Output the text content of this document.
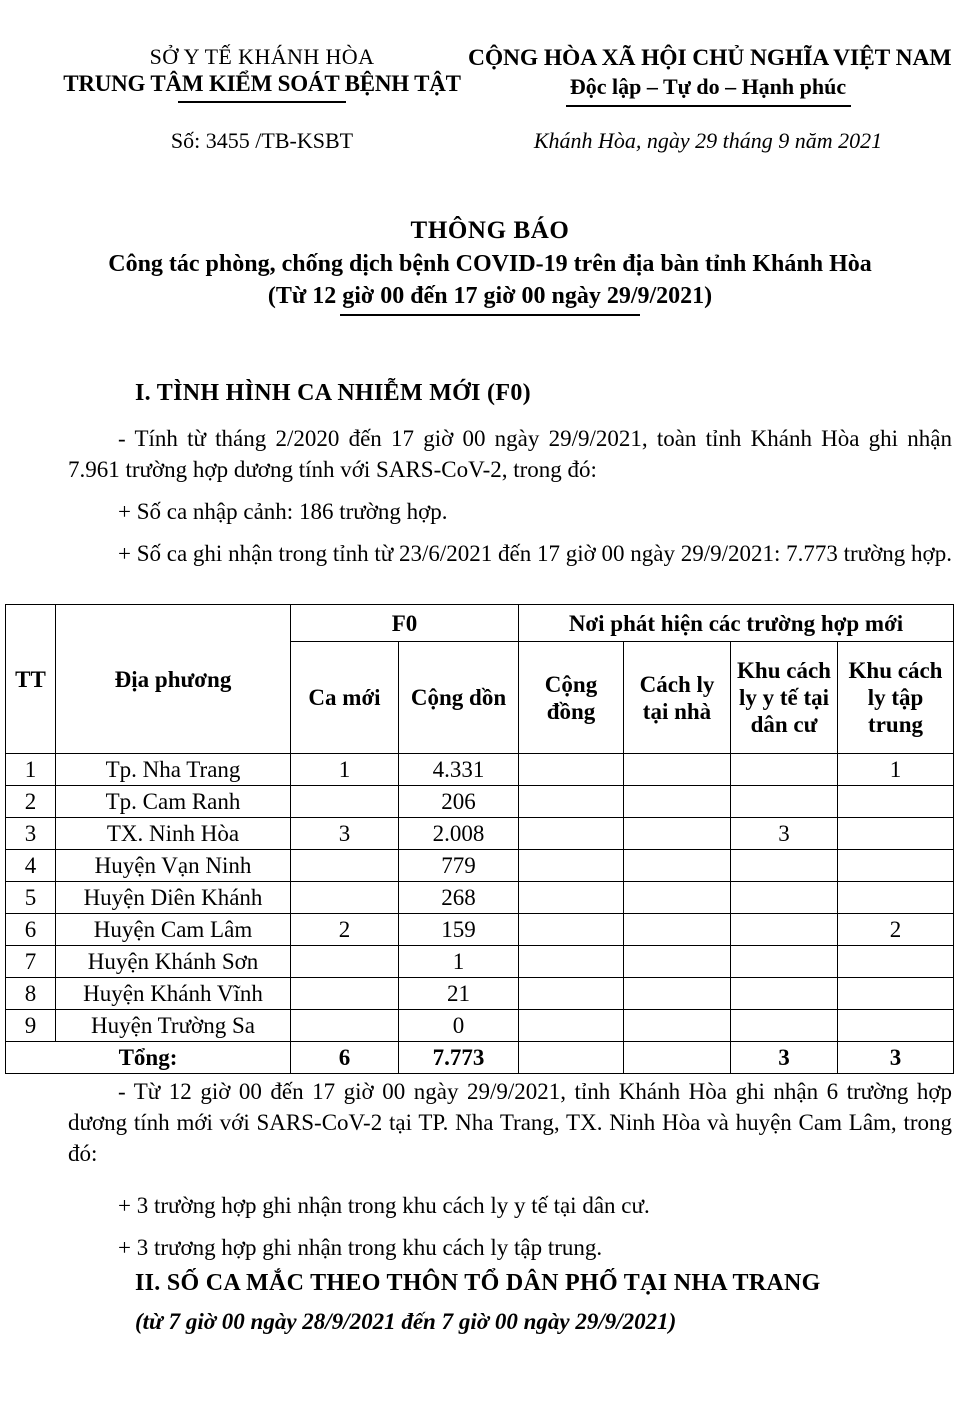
SỞ Y TẾ KHÁNH HÒA
TRUNG TÂM KIỂM SOÁT BỆNH TẬT
CỘNG HÒA XÃ HỘI CHỦ NGHĨA VIỆT NAM
Độc lập – Tự do – Hạnh phúc
Số: 3455 /TB-KSBT	Khánh Hòa, ngày 29 tháng 9 năm 2021
THÔNG BÁO
Công tác phòng, chống dịch bệnh COVID-19 trên địa bàn tỉnh Khánh Hòa
(Từ 12 giờ 00 đến 17 giờ 00 ngày 29/9/2021)
I. TÌNH HÌNH CA NHIỄM MỚI (F0)
- Tính từ tháng 2/2020 đến 17 giờ 00 ngày 29/9/2021, toàn tỉnh Khánh Hòa ghi nhận 7.961 trường hợp dương tính với SARS-CoV-2, trong đó:
+ Số ca nhập cảnh: 186 trường hợp.
+ Số ca ghi nhận trong tỉnh từ 23/6/2021 đến 17 giờ 00 ngày 29/9/2021: 7.773 trường hợp.
TT	Địa phương	F0		Nơi phát hiện các trường hợp mới			
		Ca mới	Cộng dồn	Cộng đồng	Cách ly tại nhà	Khu cách ly y tế tại dân cư	Khu cách ly tập trung
1	Tp. Nha Trang	1	4.331				1
2	Tp. Cam Ranh		206				
3	TX. Ninh Hòa	3	2.008			3	
4	Huyện Vạn Ninh		779				
5	Huyện Diên Khánh		268				
6	Huyện Cam Lâm	2	159				2
7	Huyện Khánh Sơn		1				
8	Huyện Khánh Vĩnh		21				
9	Huyện Trường Sa		0				
Tổng:		6	7.773			3	3
- Từ 12 giờ 00 đến 17 giờ 00 ngày 29/9/2021, tỉnh Khánh Hòa ghi nhận 6 trường hợp dương tính mới với SARS-CoV-2 tại TP. Nha Trang, TX. Ninh Hòa và huyện Cam Lâm, trong đó:
+ 3 trường hợp ghi nhận trong khu cách ly y tế tại dân cư.
+ 3 trương hợp ghi nhận trong khu cách ly tập trung.
II. SỐ CA MẮC THEO THÔN TỔ DÂN PHỐ TẠI NHA TRANG
(từ 7 giờ 00 ngày 28/9/2021 đến 7 giờ 00 ngày 29/9/2021)
